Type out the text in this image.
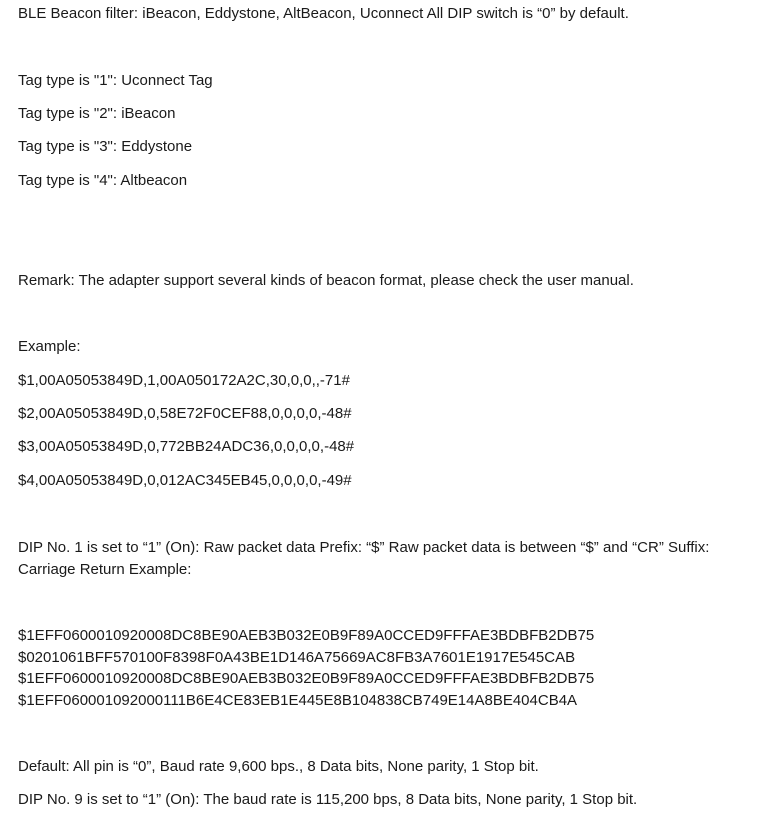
BLE Beacon filter: iBeacon, Eddystone, AltBeacon, Uconnect All DIP switch is “0” by default.
Tag type is "1": Uconnect Tag
Tag type is "2": iBeacon
Tag type is "3": Eddystone
Tag type is "4": Altbeacon
Remark: The adapter support several kinds of beacon format, please check the user manual.
Example:
$1,00A05053849D,1,00A050172A2C,30,0,0,,-71#
$2,00A05053849D,0,58E72F0CEF88,0,0,0,0,-48#
$3,00A05053849D,0,772BB24ADC36,0,0,0,0,-48#
$4,00A05053849D,0,012AC345EB45,0,0,0,0,-49#
DIP No. 1 is set to “1” (On): Raw packet data Prefix: “$” Raw packet data is between “$” and “CR” Suffix: Carriage Return Example:
$1EFF0600010920008DC8BE90AEB3B032E0B9F89A0CCED9FFFAE3BDBFB2DB75
$0201061BFF570100F8398F0A43BE1D146A75669AC8FB3A7601E1917E545CAB
$1EFF0600010920008DC8BE90AEB3B032E0B9F89A0CCED9FFFAE3BDBFB2DB75
$1EFF060001092000111B6E4CE83EB1E445E8B104838CB749E14A8BE404CB4A
Default: All pin is “0”, Baud rate 9,600 bps., 8 Data bits, None parity, 1 Stop bit.
DIP No. 9 is set to “1” (On): The baud rate is 115,200 bps, 8 Data bits, None parity, 1 Stop bit.
